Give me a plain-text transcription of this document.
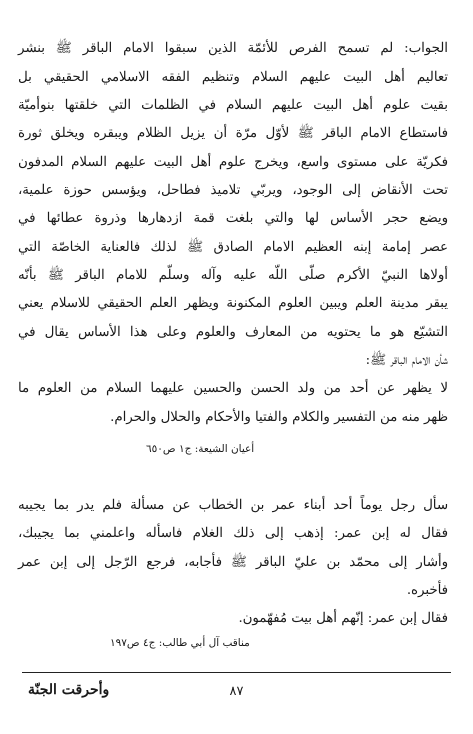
الجواب: لم تسمح الفرص للأئمّة الذين سبقوا الامام الباقر ﷺ بنشر
تعاليم أهل البيت عليهم السلام وتنظيم الفقه الاسلامي الحقيقي بل
بقيت علوم أهل البيت عليهم السلام في الظلمات التي خلقتها بنوأميّة
فاستطاع الامام الباقر ﷺ لأوّل مرّة أن يزيل الظلام ويبقره ويخلق ثورة
فكريّة على مستوى واسع، ويخرج علوم أهل البيت عليهم السلام المدفون
تحت الأنقاض إلى الوجود، ويربّي تلاميذ فطاحل، ويؤسس حوزة علمية،
ويضع حجر الأساس لها والتي بلغت قمة ازدهارها وذروة عطائها في
عصر إمامة إبنه العظيم الامام الصادق ﷺ لذلك فالعناية الخاصّة التي
أولاها النبيّ الأكرم صلّى اللّه عليه وآله وسلّم للامام الباقر ﷺ بأنّه
يبقر مدينة العلم ويبين العلوم المكنونة ويظهر العلم الحقيقي للاسلام يعني
التشيّع هو ما يحتويه من المعارف والعلوم وعلى هذا الأساس يقال في
شأن الامام الباقر ﷺ:
لا يظهر عن أحد من ولد الحسن والحسين عليهما السلام من العلوم ما
ظهر منه من التفسير والكلام والفتيا والأحكام والحلال والحرام.
أعيان الشيعة: ج١ ص٦٥٠
سأل رجل يوماً أحد أبناء عمر بن الخطاب عن مسألة فلم يدر بما يجيبه
فقال له إبن عمر: إذهب إلى ذلك الغلام فاسأله واعلمني بما يجيبك،
وأشار إلى محمّد بن عليّ الباقر ﷺ فأجابه، فرجع الرّجل إلى إبن عمر
فأخبره.
فقال إبن عمر: إنّهم أهل بيت مُفهّمون.
مناقب آل أبي طالب: ج٤ ص١٩٧
٨٧
وأحرقت الجنّة
